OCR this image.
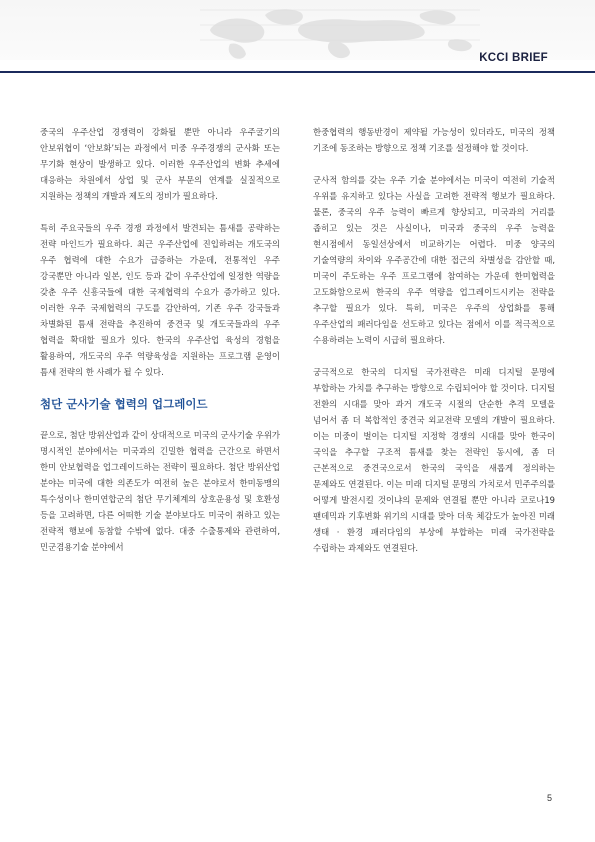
KCCI BRIEF

중국의 우주산업 경쟁력이 강화될 뿐만 아니라 우주굴기의 안보위협이 ‘안보화’되는 과정에서 미중 우주경쟁의 군사화 또는 무기화 현상이 발생하고 있다. 이러한 우주산업의 변화 추세에 대응하는 차원에서 상업 및 군사 부문의 연계를 실질적으로 지원하는 정책의 개발과 제도의 정비가 필요하다.

특히 주요국들의 우주 경쟁 과정에서 발견되는 틈새를 공략하는 전략 마인드가 필요하다. 최근 우주산업에 진입하려는 개도국의 우주 협력에 대한 수요가 급증하는 가운데, 전통적인 우주 강국뿐만 아니라 일본, 인도 등과 같이 우주산업에 일정한 역량을 갖춘 우주 신흥국들에 대한 국제협력의 수요가 증가하고 있다. 이러한 우주 국제협력의 구도를 감안하여, 기존 우주 강국들과 차별화된 틈새 전략을 추진하여 중견국 및 개도국들과의 우주 협력을 확대할 필요가 있다. 한국의 우주산업 육성의 경험을 활용하여, 개도국의 우주 역량육성을 지원하는 프로그램 운영이 틈새 전략의 한 사례가 될 수 있다.

첨단 군사기술 협력의 업그레이드

끝으로, 첨단 방위산업과 같이 상대적으로 미국의 군사기술 우위가 명시적인 분야에서는 미국과의 긴밀한 협력을 근간으로 하면서 한미 안보협력을 업그레이드하는 전략이 필요하다. 첨단 방위산업 분야는 미국에 대한 의존도가 여전히 높은 분야로서 한미동맹의 특수성이나 한미연합군의 첨단 무기체계의 상호운용성 및 호환성 등을 고려하면, 다른 어떠한 기술 분야보다도 미국이 취하고 있는 전략적 행보에 동참할 수밖에 없다. 대중 수출통제와 관련하여, 민군겸용기술 분야에서

한중협력의 행동반경이 제약될 가능성이 있더라도, 미국의 정책 기조에 동조하는 방향으로 정책 기조를 설정해야 할 것이다.

군사적 함의를 갖는 우주 기술 분야에서는 미국이 여전히 기술적 우위를 유지하고 있다는 사실을 고려한 전략적 행보가 필요하다. 물론, 중국의 우주 능력이 빠르게 향상되고, 미국과의 거리를 좁히고 있는 것은 사실이나, 미국과 중국의 우주 능력을 현시점에서 동일선상에서 비교하기는 어렵다. 미중 양국의 기술역량의 차이와 우주공간에 대한 접근의 차별성을 감안할 때, 미국이 주도하는 우주 프로그램에 참여하는 가운데 한미협력을 고도화함으로써 한국의 우주 역량을 업그레이드시키는 전략을 추구할 필요가 있다. 특히, 미국은 우주의 상업화를 통해 우주산업의 패러다임을 선도하고 있다는 점에서 이를 적극적으로 수용하려는 노력이 시급히 필요하다.

궁극적으로 한국의 디지털 국가전략은 미래 디지털 문명에 부합하는 가치를 추구하는 방향으로 수립되어야 할 것이다. 디지털 전환의 시대를 맞아 과거 개도국 시절의 단순한 추격 모델을 넘어서 좀 더 복합적인 중견국 외교전략 모델의 개발이 필요하다. 이는 미중이 벌이는 디지털 지정학 경쟁의 시대를 맞아 한국이 국익을 추구할 구조적 틈새를 찾는 전략인 동시에, 좀 더 근본적으로 중견국으로서 한국의 국익을 새롭게 정의하는 문제와도 연결된다. 이는 미래 디지털 문명의 가치로서 민주주의를 어떻게 발전시킬 것이냐의 문제와 연결될 뿐만 아니라 코로나19 팬데믹과 기후변화 위기의 시대를 맞아 더욱 체감도가 높아진 미래 생태 · 환경 패러다임의 부상에 부합하는 미래 국가전략을 수립하는 과제와도 연결된다.

5
